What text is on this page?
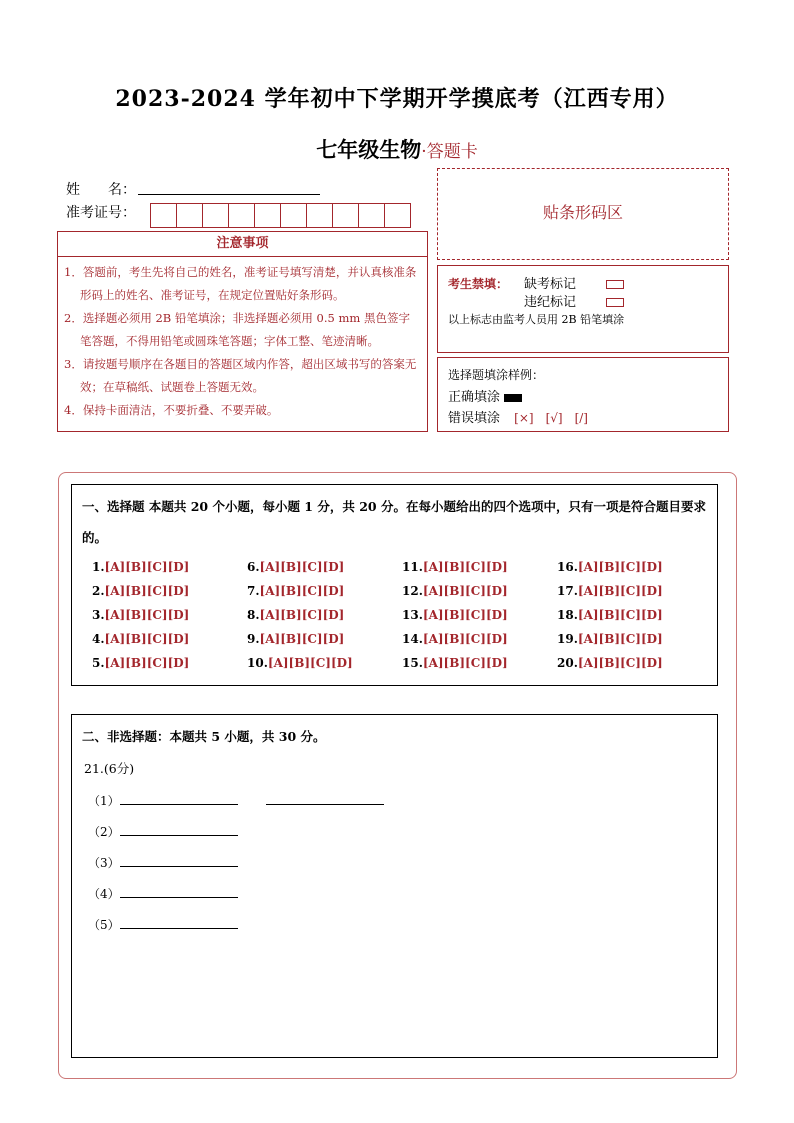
2023-2024 学年初中下学期开学摸底考（江西专用）
七年级生物·答题卡
姓　　名：
准考证号：
注意事项
1．答题前，考生先将自己的姓名，准考证号填写清楚，并认真核准条形码上的姓名、准考证号，在规定位置贴好条形码。
2．选择题必须用 2B 铅笔填涂；非选择题必须用 0.5 mm 黑色签字笔答题，不得用铅笔或圆珠笔答题；字体工整、笔迹清晰。
3．请按题号顺序在各题目的答题区域内作答，超出区域书写的答案无效；在草稿纸、试题卷上答题无效。
4．保持卡面清洁，不要折叠、不要弄破。
贴条形码区
考生禁填： 缺考标记
违纪标记
以上标志由监考人员用 2B 铅笔填涂
选择题填涂样例：
正确填涂
错误填涂 [×]　[√]　[/]
一、选择题 本题共 20 个小题，每小题 1 分，共 20 分。在每小题给出的四个选项中，只有一项是符合题目要求的。
1.[A][B][C][D]
2.[A][B][C][D]
3.[A][B][C][D]
4.[A][B][C][D]
5.[A][B][C][D]
6.[A][B][C][D]
7.[A][B][C][D]
8.[A][B][C][D]
9.[A][B][C][D]
10.[A][B][C][D]
11.[A][B][C][D]
12.[A][B][C][D]
13.[A][B][C][D]
14.[A][B][C][D]
15.[A][B][C][D]
16.[A][B][C][D]
17.[A][B][C][D]
18.[A][B][C][D]
19.[A][B][C][D]
20.[A][B][C][D]
二、非选择题：本题共 5 小题，共 30 分。
21.(6分)
（1）
（2）
（3）
（4）
（5）
